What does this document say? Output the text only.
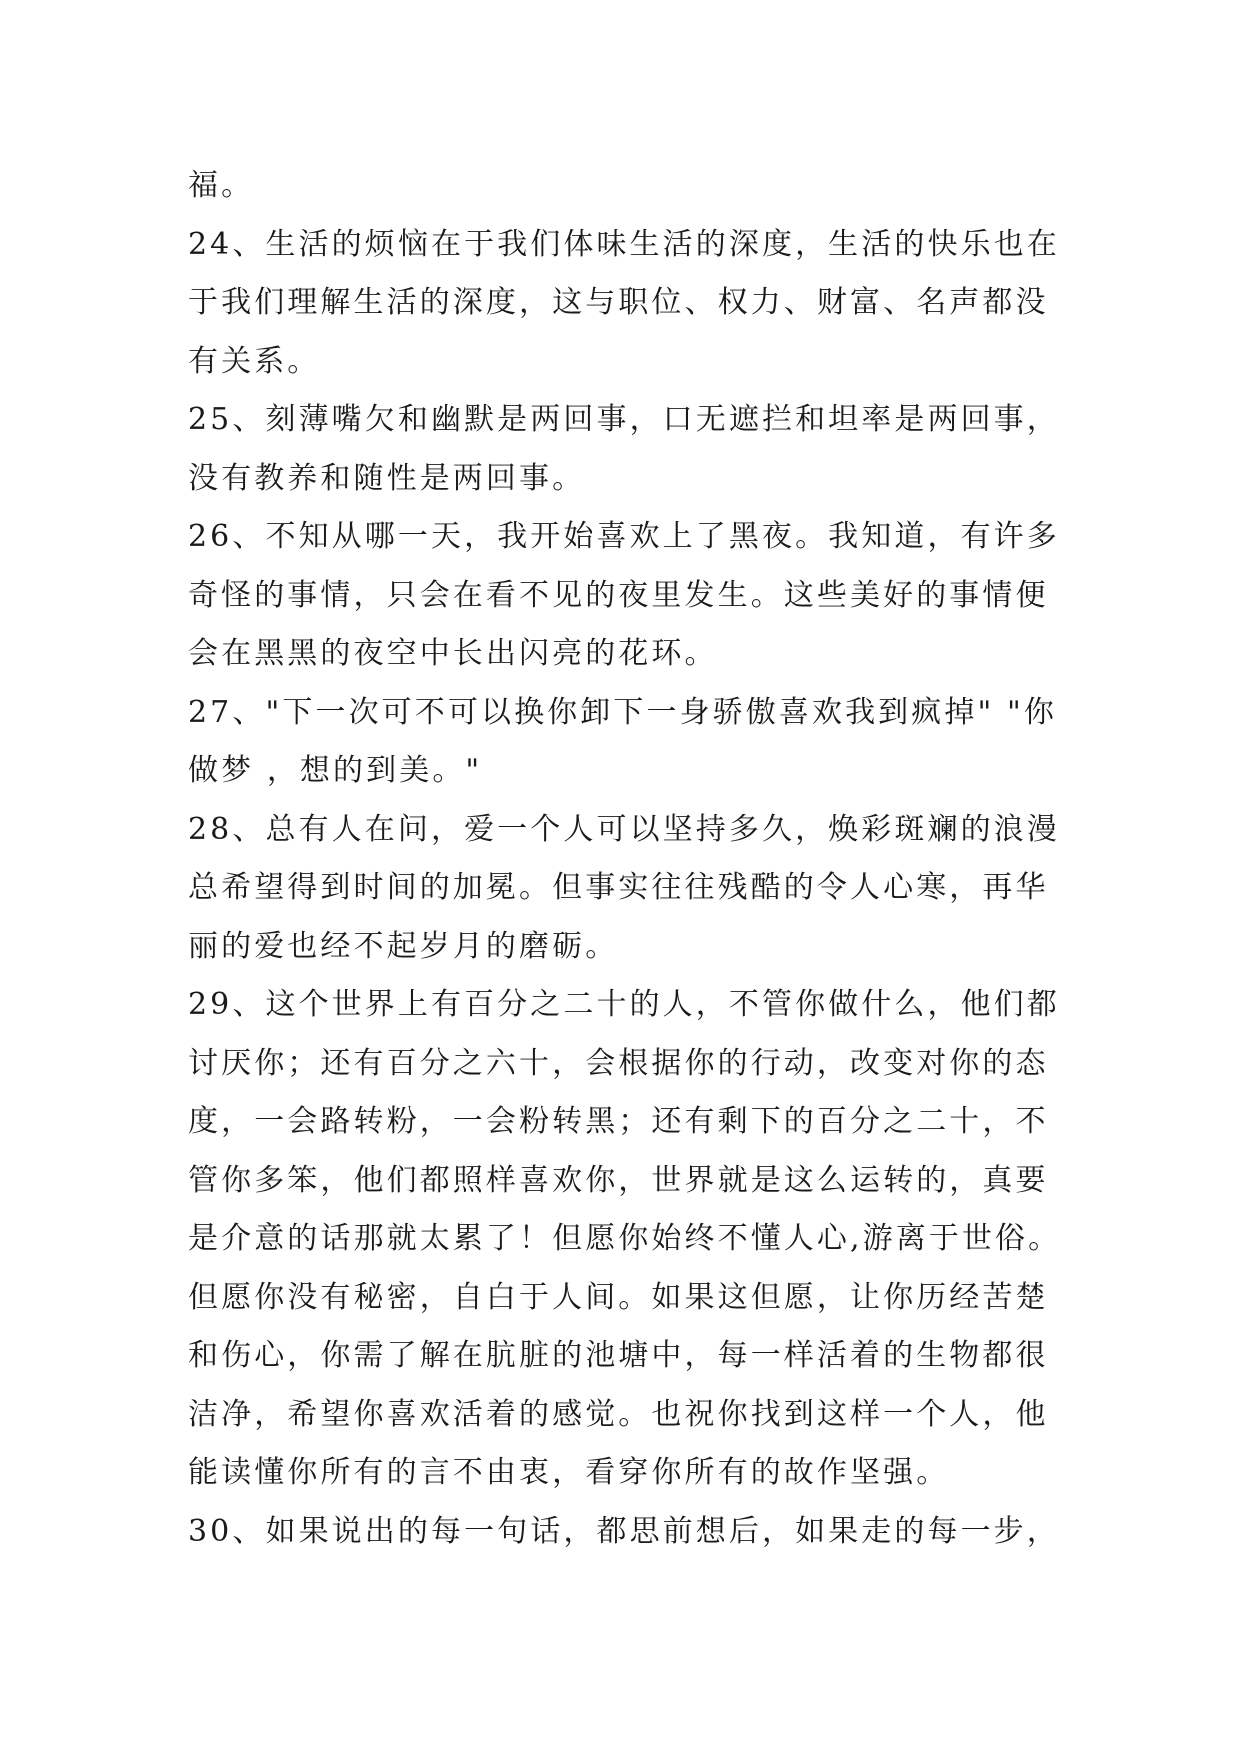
福。
24、生活的烦恼在于我们体味生活的深度，生活的快乐也在
于我们理解生活的深度，这与职位、权力、财富、名声都没
有关系。
25、刻薄嘴欠和幽默是两回事，口无遮拦和坦率是两回事，
没有教养和随性是两回事。
26、不知从哪一天，我开始喜欢上了黑夜。我知道，有许多
奇怪的事情，只会在看不见的夜里发生。这些美好的事情便
会在黑黑的夜空中长出闪亮的花环。
27、"下一次可不可以换你卸下一身骄傲喜欢我到疯掉" "你
做梦 ，想的到美。"
28、总有人在问，爱一个人可以坚持多久，焕彩斑斓的浪漫
总希望得到时间的加冕。但事实往往残酷的令人心寒，再华
丽的爱也经不起岁月的磨砺。
29、这个世界上有百分之二十的人，不管你做什么，他们都
讨厌你；还有百分之六十，会根据你的行动，改变对你的态
度，一会路转粉，一会粉转黑；还有剩下的百分之二十，不
管你多笨，他们都照样喜欢你，世界就是这么运转的，真要
是介意的话那就太累了！但愿你始终不懂人心,游离于世俗。
但愿你没有秘密，自白于人间。如果这但愿，让你历经苦楚
和伤心，你需了解在肮脏的池塘中，每一样活着的生物都很
洁净，希望你喜欢活着的感觉。也祝你找到这样一个人，他
能读懂你所有的言不由衷，看穿你所有的故作坚强。
30、如果说出的每一句话，都思前想后，如果走的每一步，
